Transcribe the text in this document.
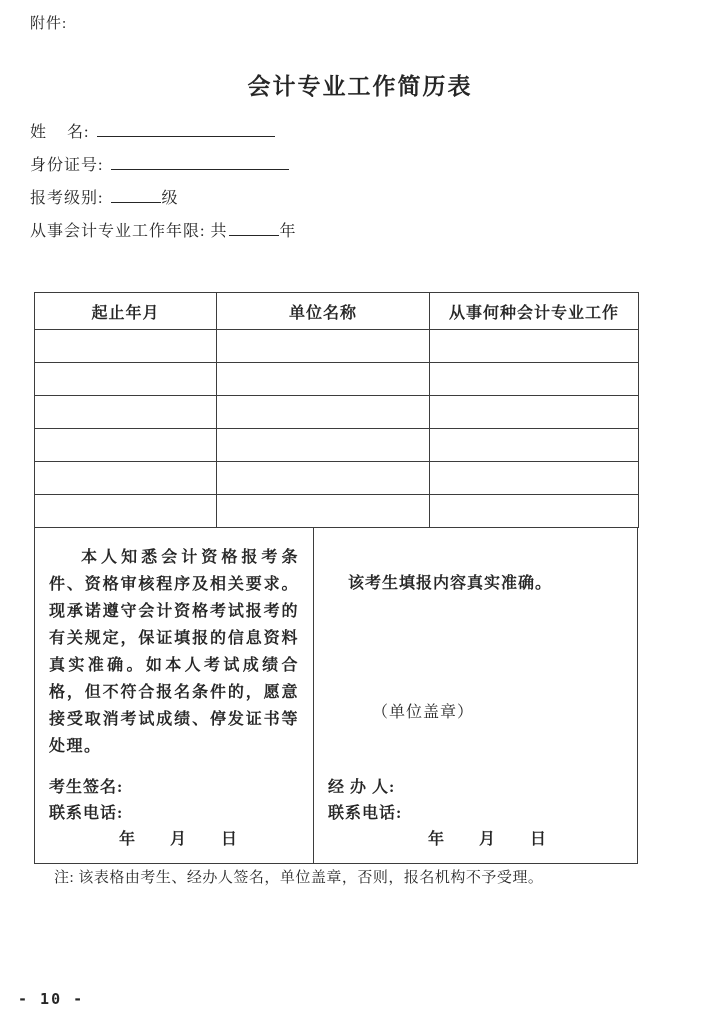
附件:
会计专业工作简历表
姓    名:
身份证号:
报考级别:	级
从事会计专业工作年限: 共	年
起止年月	单位名称	从事何种会计专业工作

本人知悉会计资格报考条件、资格审核程序及相关要求。现承诺遵守会计资格考试报考的有关规定，保证填报的信息资料真实准确。如本人考试成绩合格，但不符合报名条件的，愿意接受取消考试成绩、停发证书等处理。

考生签名:
联系电话:
年 月 日

该考生填报内容真实准确。

（单位盖章）
经 办 人:
联系电话:
年 月 日
注: 该表格由考生、经办人签名，单位盖章，否则，报名机构不予受理。
- 10 -
